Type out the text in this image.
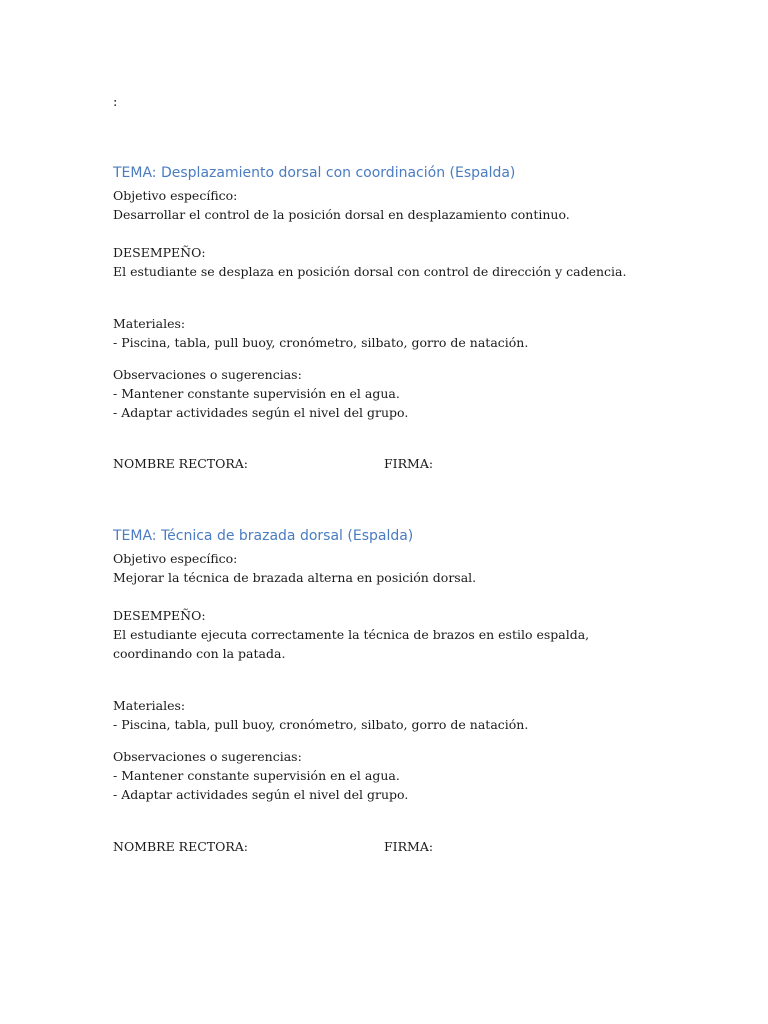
:

TEMA: Desplazamiento dorsal con coordinación (Espalda)

Objetivo específico:

Desarrollar el control de la posición dorsal en desplazamiento continuo.

DESEMPEÑO:

El estudiante se desplaza en posición dorsal con control de dirección y cadencia.

Materiales:

- Piscina, tabla, pull buoy, cronómetro, silbato, gorro de natación.

Observaciones o sugerencias:

- Mantener constante supervisión en el agua.

- Adaptar actividades según el nivel del grupo.

NOMBRE RECTORA:	FIRMA:

TEMA: Técnica de brazada dorsal (Espalda)

Objetivo específico:

Mejorar la técnica de brazada alterna en posición dorsal.

DESEMPEÑO:

El estudiante ejecuta correctamente la técnica de brazos en estilo espalda, coordinando con la patada.

Materiales:

- Piscina, tabla, pull buoy, cronómetro, silbato, gorro de natación.

Observaciones o sugerencias:

- Mantener constante supervisión en el agua.

- Adaptar actividades según el nivel del grupo.

NOMBRE RECTORA:	FIRMA:
